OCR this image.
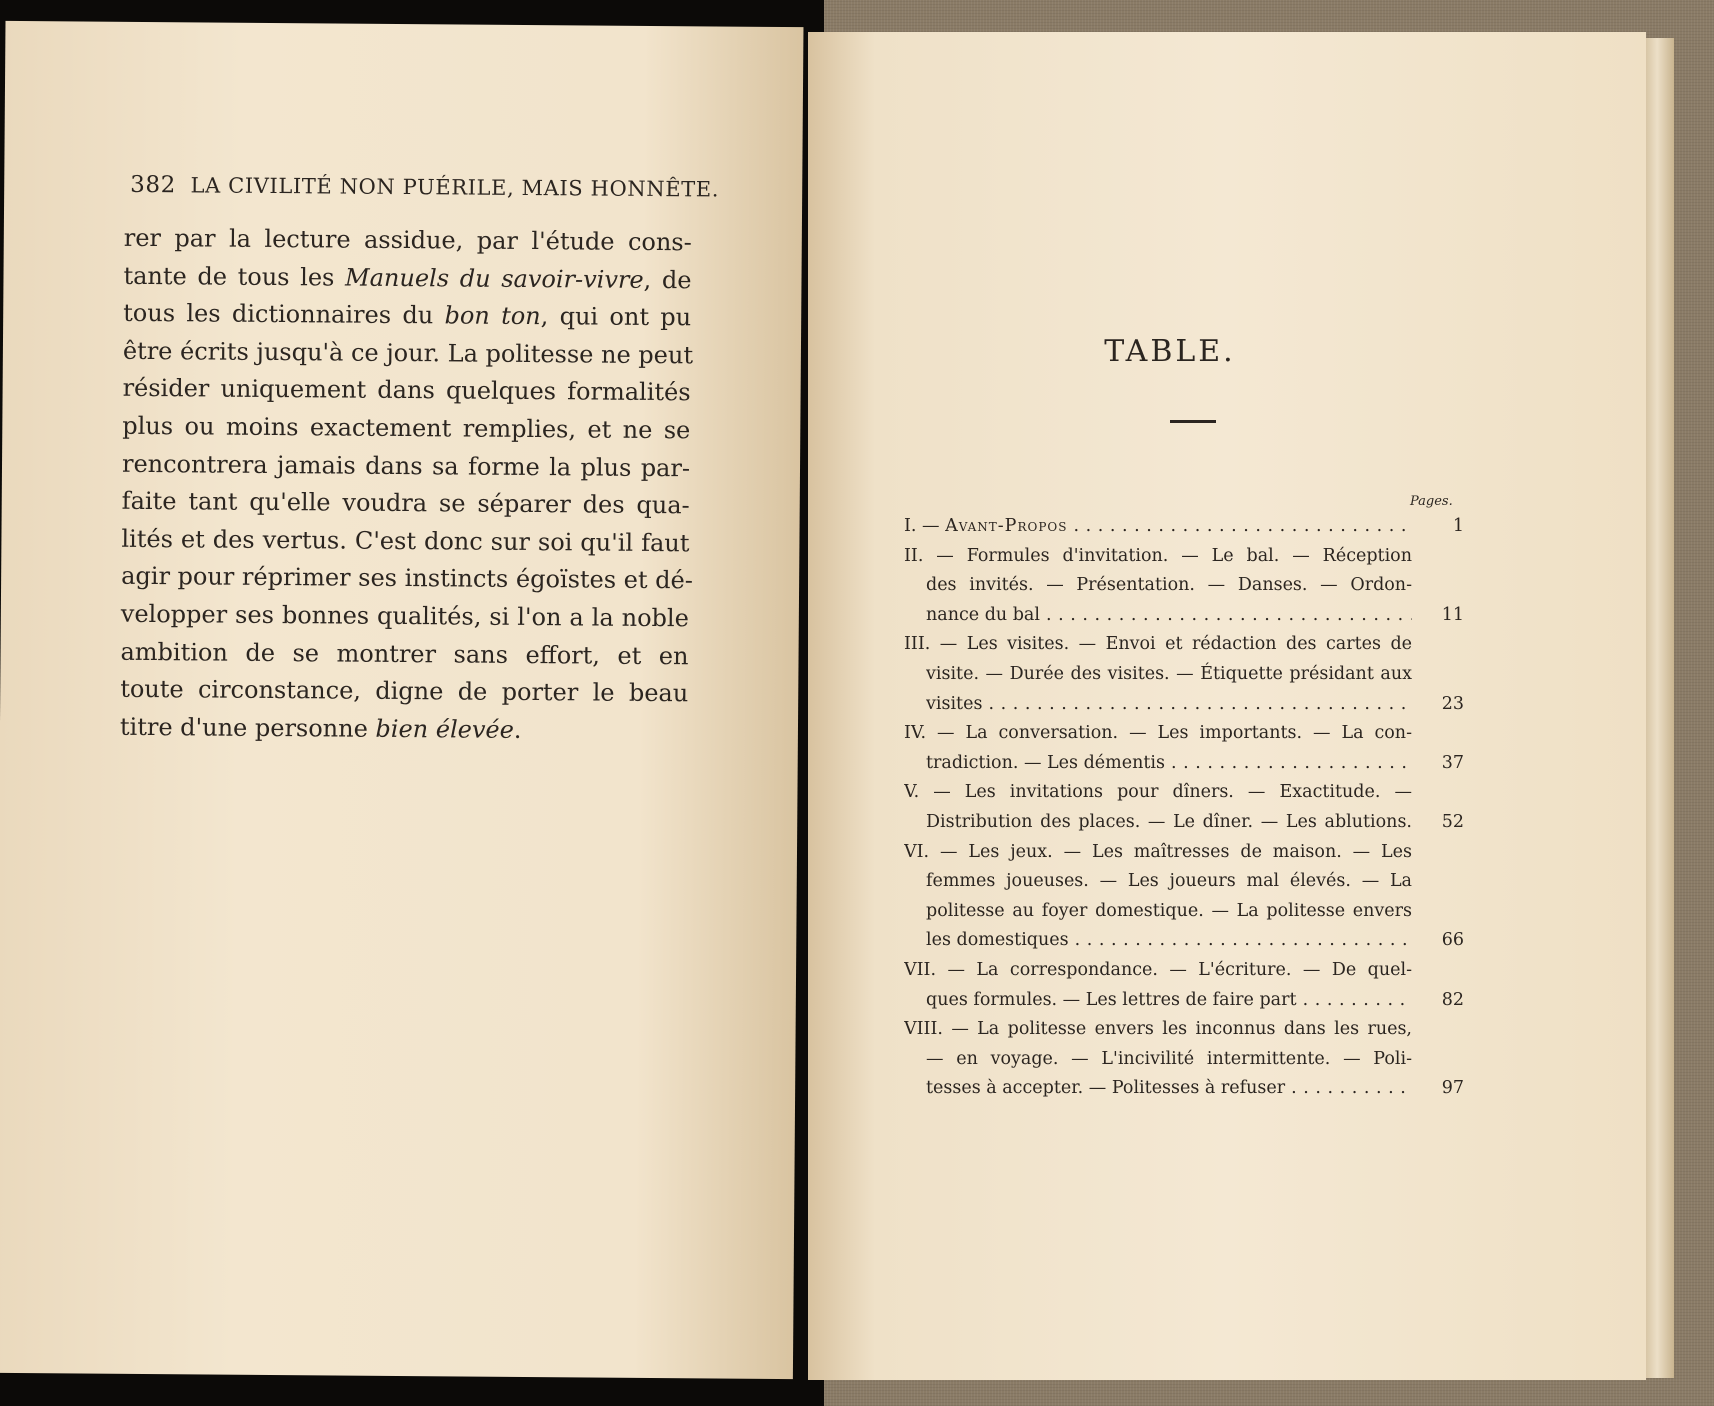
382 LA CIVILITÉ NON PUÉRILE, MAIS HONNÊTE.
rer par la lecture assidue, par l'étude cons-
tante de tous les Manuels du savoir-vivre, de
tous les dictionnaires du bon ton, qui ont pu
être écrits jusqu'à ce jour. La politesse ne peut
résider uniquement dans quelques formalités
plus ou moins exactement remplies, et ne se
rencontrera jamais dans sa forme la plus par-
faite tant qu'elle voudra se séparer des qua-
lités et des vertus. C'est donc sur soi qu'il faut
agir pour réprimer ses instincts égoïstes et dé-
velopper ses bonnes qualités, si l'on a la noble
ambition de se montrer sans effort, et en
toute circonstance, digne de porter le beau
titre d'une personne bien élevée.
TABLE.
Pages.
I. — Avant-Propos . . .	1
II. — Formules d'invitation. — Le bal. — Réception
des invités. — Présentation. — Danses. — Ordon-
nance du bal . . .	11
III. — Les visites. — Envoi et rédaction des cartes de
visite. — Durée des visites. — Étiquette présidant aux
visites . . .	23
IV. — La conversation. — Les importants. — La con-
tradiction. — Les démentis . . .	37
V. — Les invitations pour dîners. — Exactitude. —
Distribution des places. — Le dîner. — Les ablutions.	52
VI. — Les jeux. — Les maîtresses de maison. — Les
femmes joueuses. — Les joueurs mal élevés. — La
politesse au foyer domestique. — La politesse envers
les domestiques . . .	66
VII. — La correspondance. — L'écriture. — De quel-
ques formules. — Les lettres de faire part . . .	82
VIII. — La politesse envers les inconnus dans les rues,
— en voyage. — L'incivilité intermittente. — Poli-
tesses à accepter. — Politesses à refuser . . .	97
